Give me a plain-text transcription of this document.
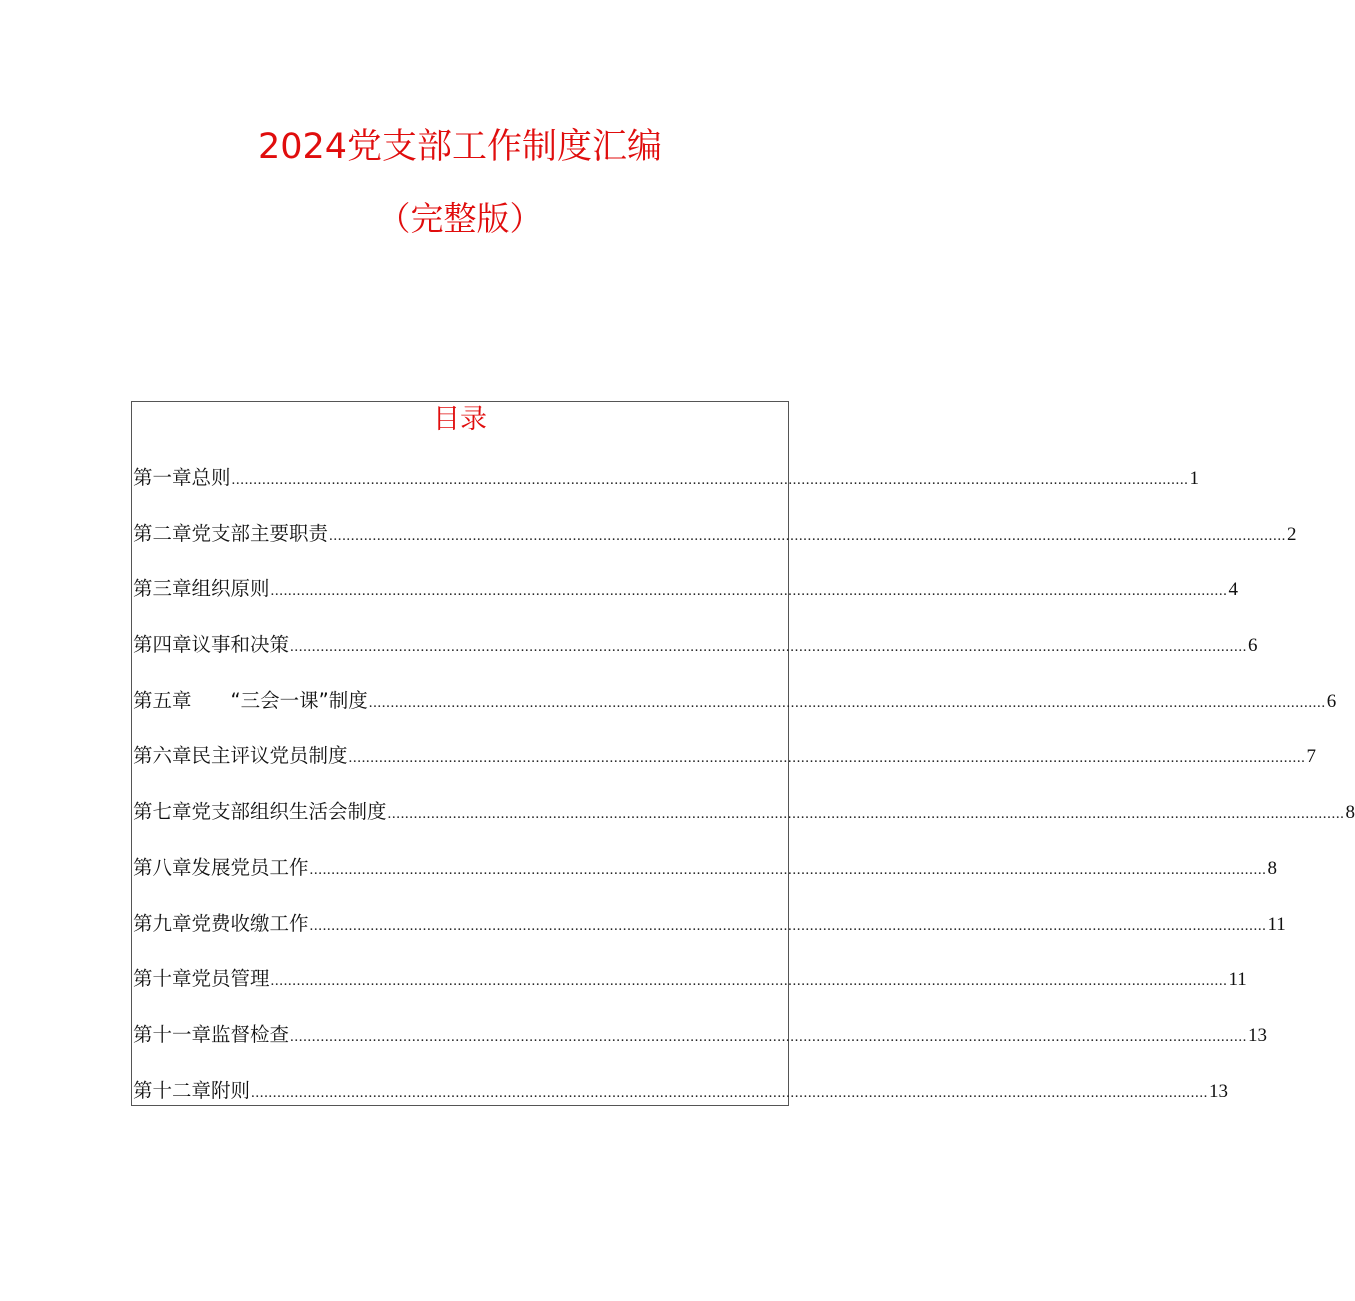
2024党支部工作制度汇编
（完整版）
目录
第一章总则 ............................................................................................................................................................................................................................ 1
第二章党支部主要职责 ............................................................................................................................................................................................................................ 2
第三章组织原则 ............................................................................................................................................................................................................................ 4
第四章议事和决策 ............................................................................................................................................................................................................................ 6
第五章　　“三会一课”制度 ............................................................................................................................................................................................................................ 6
第六章民主评议党员制度 ............................................................................................................................................................................................................................ 7
第七章党支部组织生活会制度 ............................................................................................................................................................................................................................ 8
第八章发展党员工作 ............................................................................................................................................................................................................................ 8
第九章党费收缴工作 ............................................................................................................................................................................................................................ 11
第十章党员管理 ............................................................................................................................................................................................................................ 11
第十一章监督检查 ............................................................................................................................................................................................................................ 13
第十二章附则 ............................................................................................................................................................................................................................ 13
